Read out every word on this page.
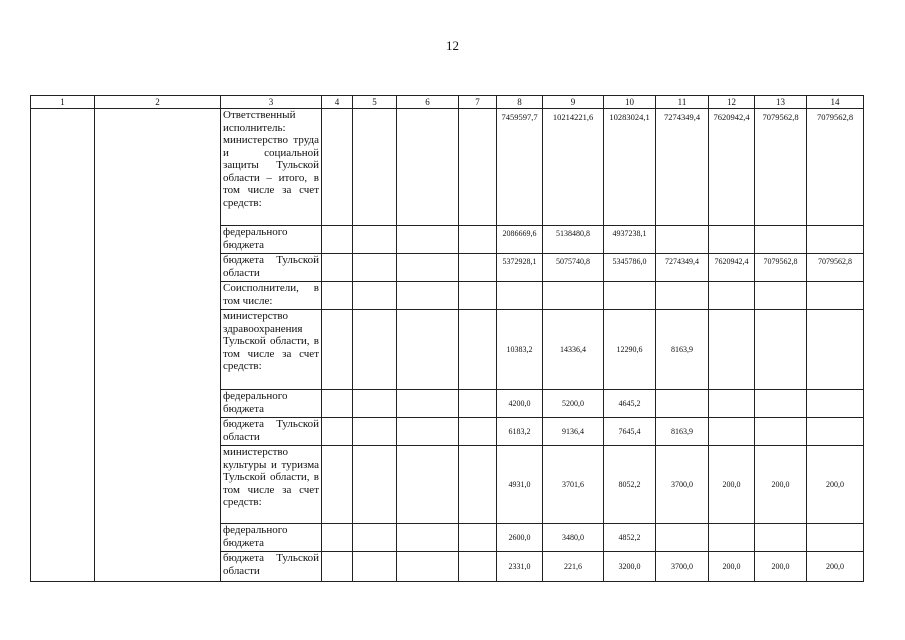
12
1	2	3	4	5	6	7	8	9	10	11	12	13	14
		Ответственный исполнитель: министерство труда и социальной защиты Тульской области – итого, в том числе за счет средств:					7459597,7	10214221,6	10283024,1	7274349,4	7620942,4	7079562,8	7079562,8
		федерального бюджета					2086669,6	5138480,8	4937238,1				
		бюджета Тульской области					5372928,1	5075740,8	5345786,0	7274349,4	7620942,4	7079562,8	7079562,8
		Соисполнители, в том числе:											
		министерство здравоохранения Тульской области, в том числе за счет средств:					10383,2	14336,4	12290,6	8163,9			
		федерального бюджета					4200,0	5200,0	4645,2				
		бюджета Тульской области					6183,2	9136,4	7645,4	8163,9			
		министерство культуры и туризма Тульской области, в том числе за счет средств:					4931,0	3701,6	8052,2	3700,0	200,0	200,0	200,0
		федерального бюджета					2600,0	3480,0	4852,2				
		бюджета Тульской области					2331,0	221,6	3200,0	3700,0	200,0	200,0	200,0
